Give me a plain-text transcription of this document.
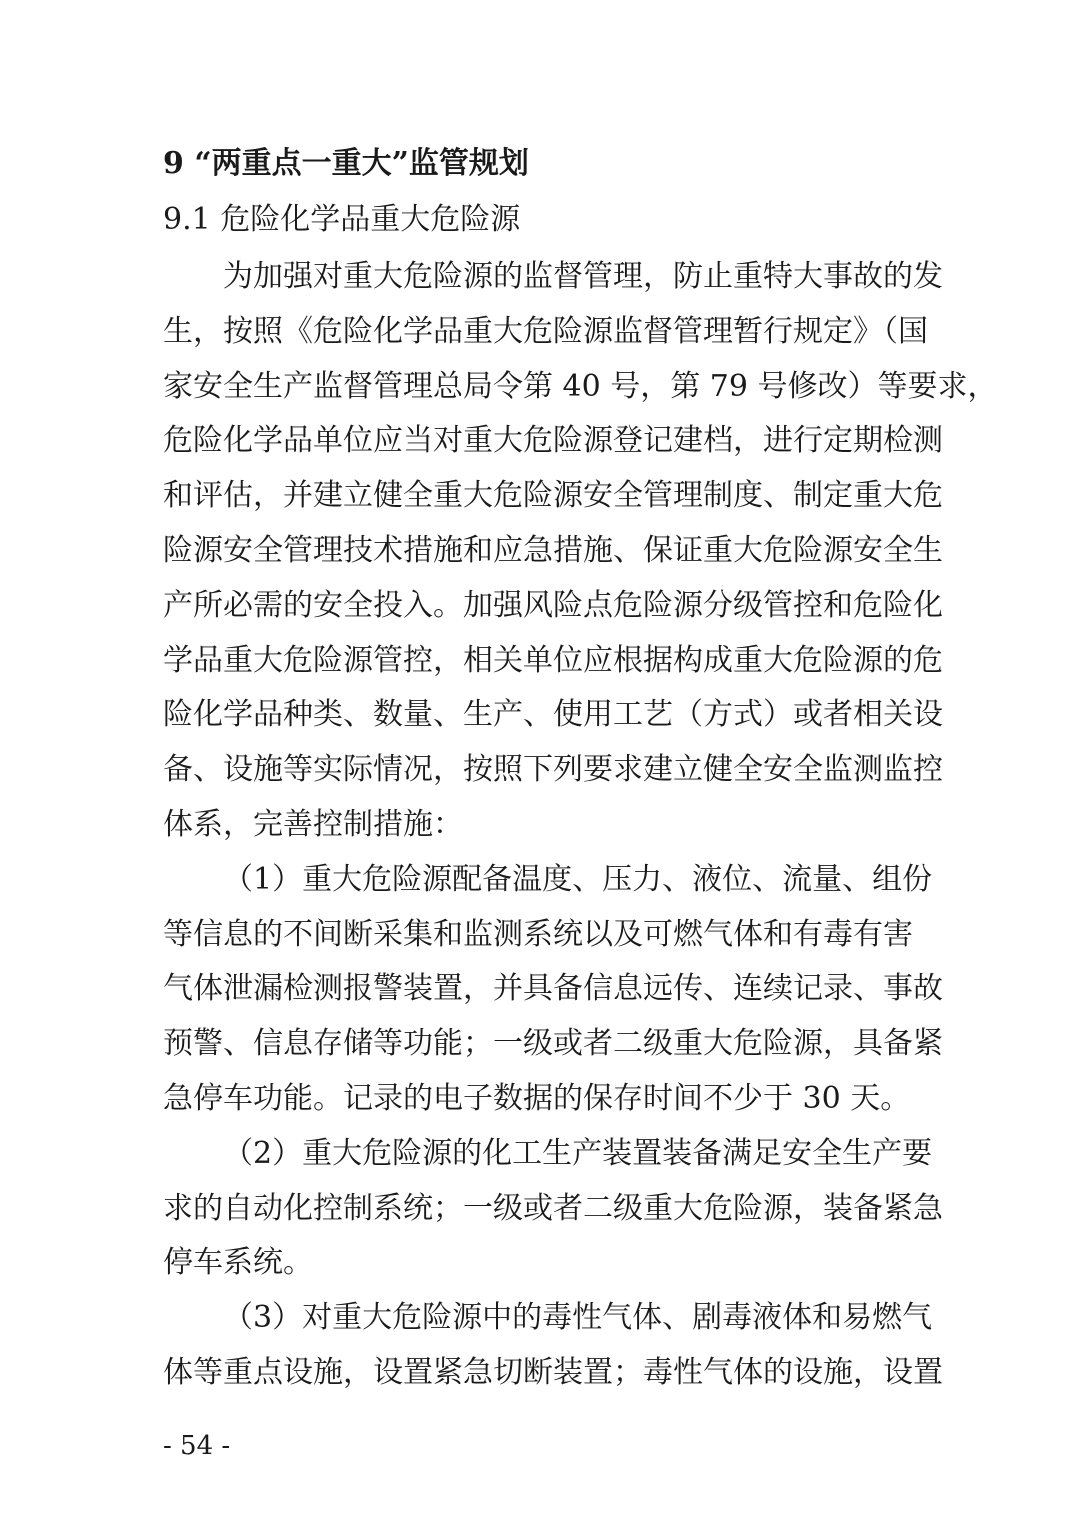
9 “两重点一重大”监管规划
9.1 危险化学品重大危险源
为加强对重大危险源的监督管理，防止重特大事故的发
生，按照《危险化学品重大危险源监督管理暂行规定》（国
家安全生产监督管理总局令第 40 号，第 79 号修改）等要求，
危险化学品单位应当对重大危险源登记建档，进行定期检测
和评估，并建立健全重大危险源安全管理制度、制定重大危
险源安全管理技术措施和应急措施、保证重大危险源安全生
产所必需的安全投入。加强风险点危险源分级管控和危险化
学品重大危险源管控，相关单位应根据构成重大危险源的危
险化学品种类、数量、生产、使用工艺（方式）或者相关设
备、设施等实际情况，按照下列要求建立健全安全监测监控
体系，完善控制措施：
（1）重大危险源配备温度、压力、液位、流量、组份
等信息的不间断采集和监测系统以及可燃气体和有毒有害
气体泄漏检测报警装置，并具备信息远传、连续记录、事故
预警、信息存储等功能；一级或者二级重大危险源，具备紧
急停车功能。记录的电子数据的保存时间不少于 30 天。
（2）重大危险源的化工生产装置装备满足安全生产要
求的自动化控制系统；一级或者二级重大危险源，装备紧急
停车系统。
（3）对重大危险源中的毒性气体、剧毒液体和易燃气
体等重点设施，设置紧急切断装置；毒性气体的设施，设置
- 54 -
